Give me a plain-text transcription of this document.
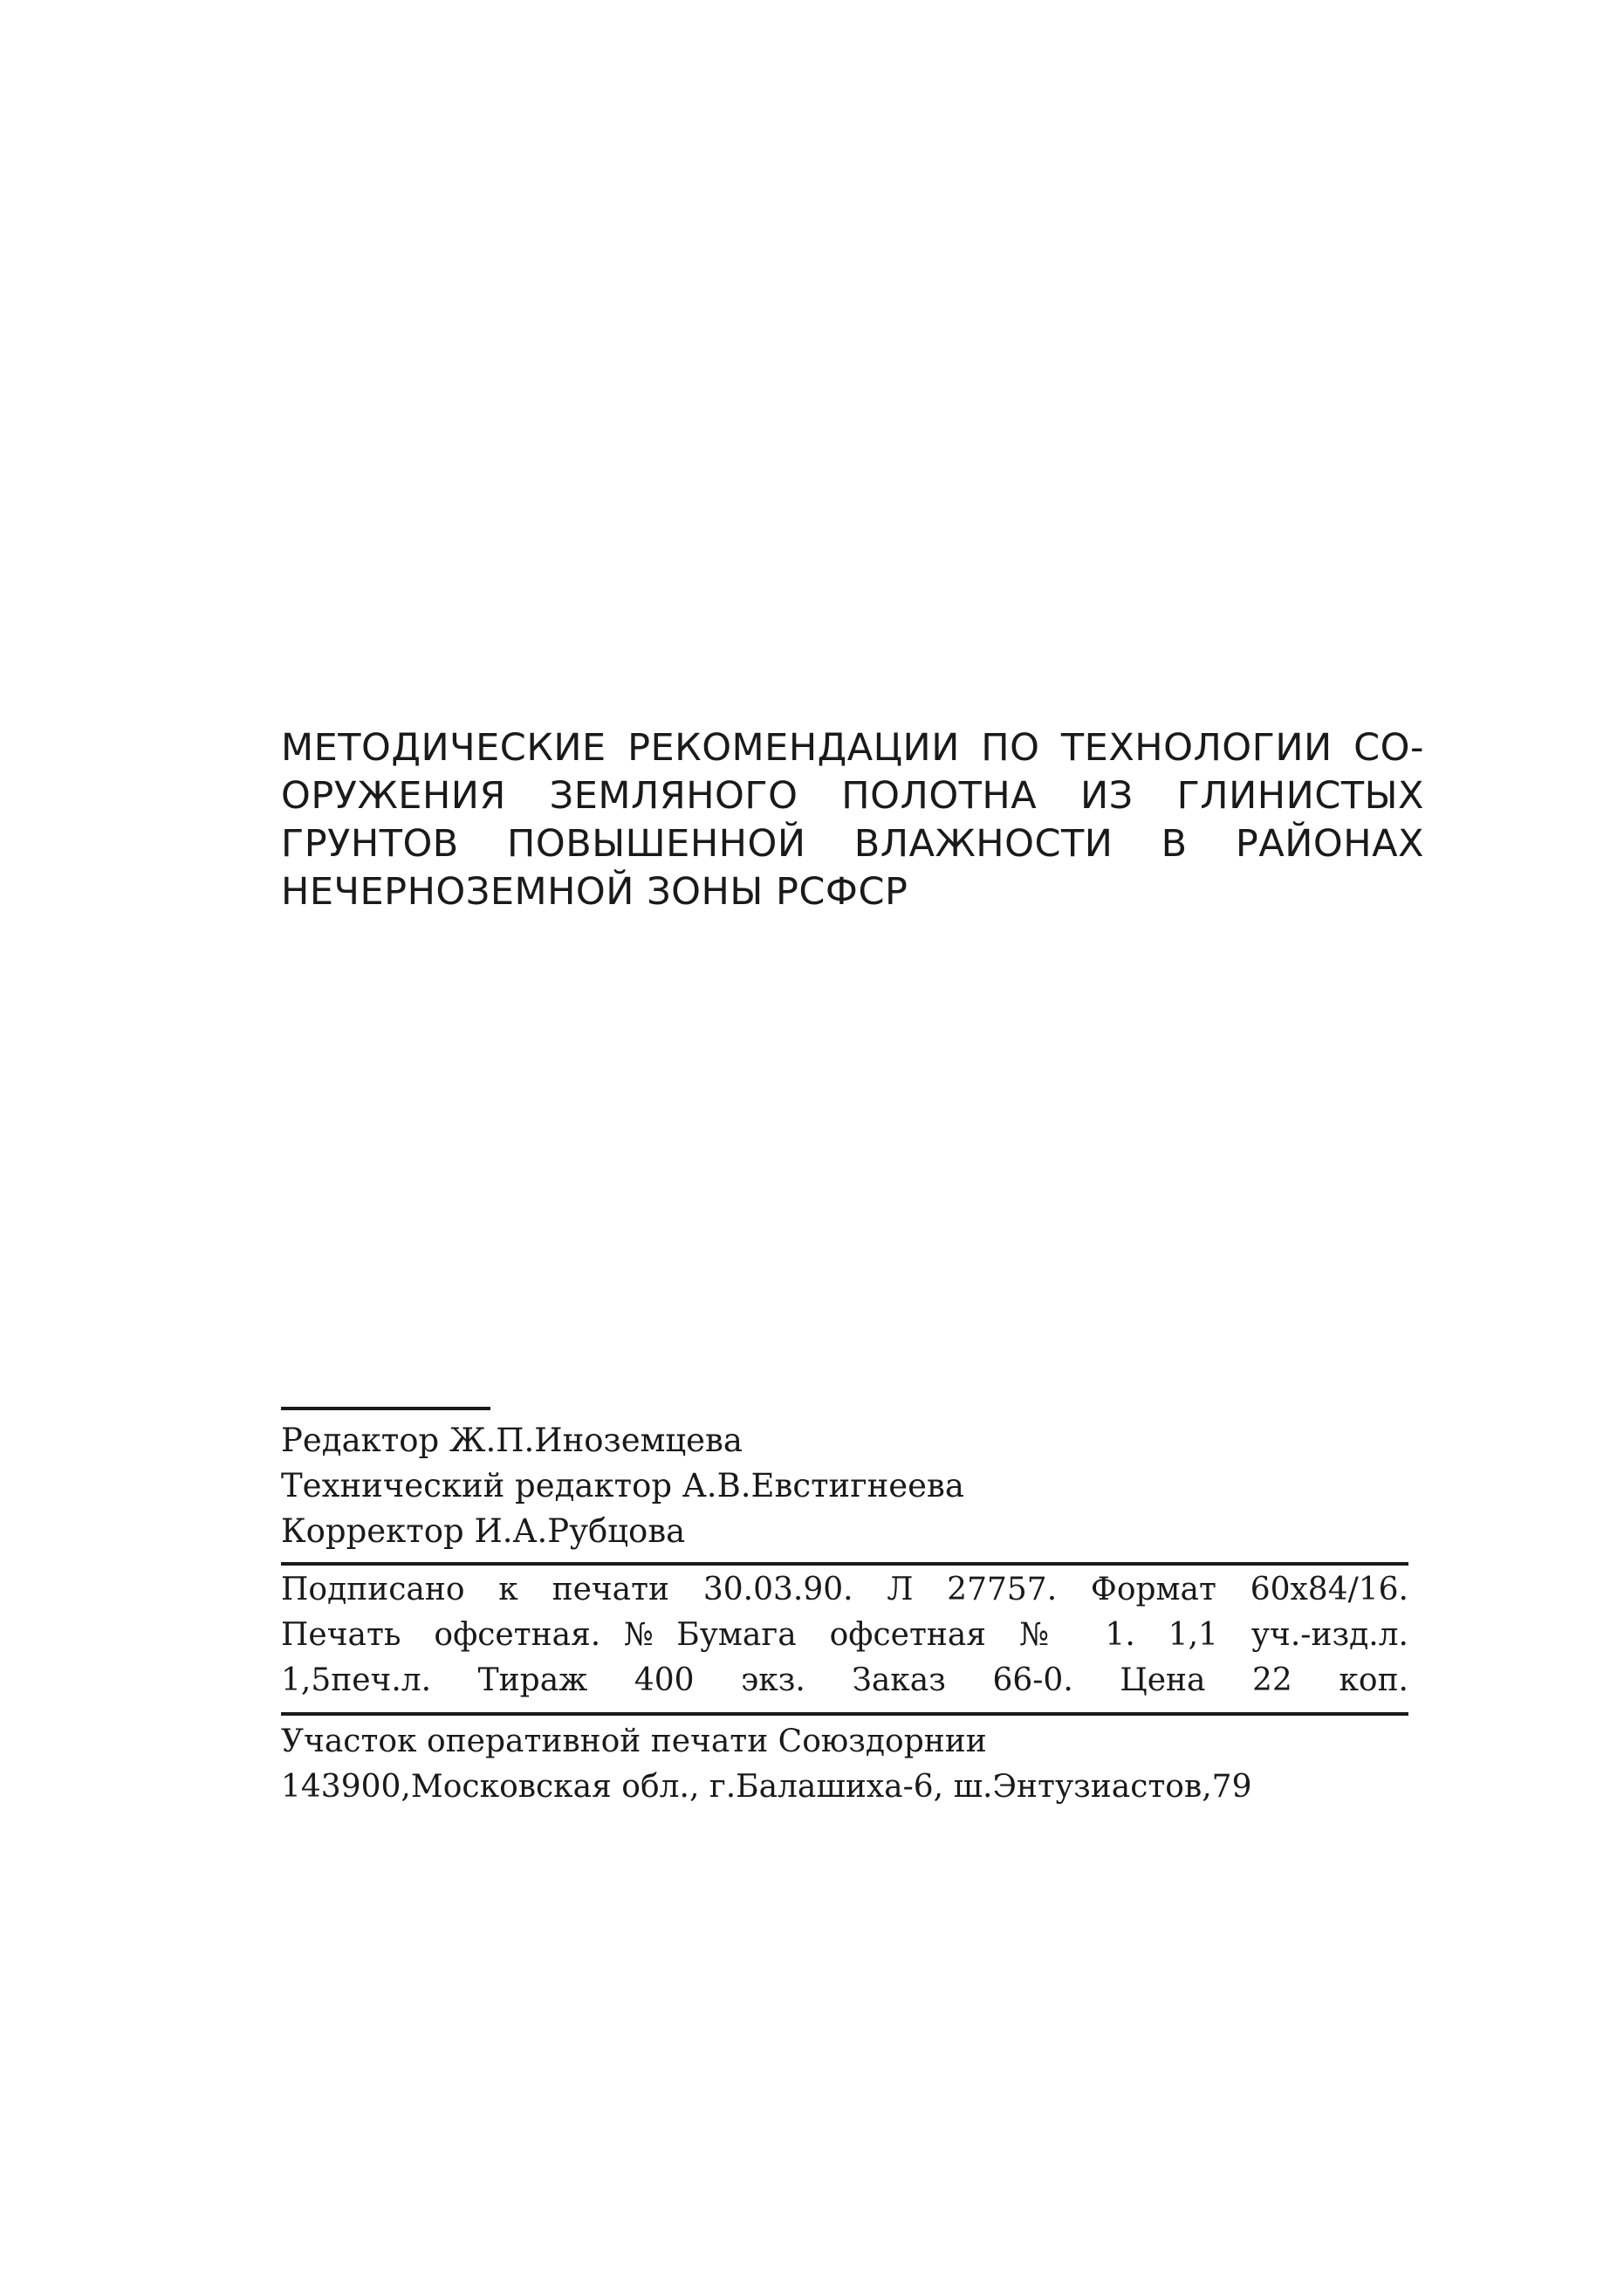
МЕТОДИЧЕСКИЕ РЕКОМЕНДАЦИИ ПО ТЕХНОЛОГИИ СО-
ОРУЖЕНИЯ ЗЕМЛЯНОГО ПОЛОТНА ИЗ ГЛИНИСТЫХ
ГРУНТОВ ПОВЫШЕННОЙ ВЛАЖНОСТИ В РАЙОНАХ
НЕЧЕРНОЗЕМНОЙ ЗОНЫ РСФСР
Редактор Ж.П.Иноземцева
Технический редактор А.В.Евстигнеева
Корректор И.А.Рубцова
Подписано к печати 30.03.90. Л 27757. Формат 60х84/16.
Печать офсетная.№Бумага офсетная № 1. 1,1 уч.-изд.л.
1,5печ.л. Тираж 400 экз. Заказ 66-0. Цена 22 коп.
Участок оперативной печати Союздорнии
143900,Московская обл., г.Балашиха-6, ш.Энтузиастов,79
